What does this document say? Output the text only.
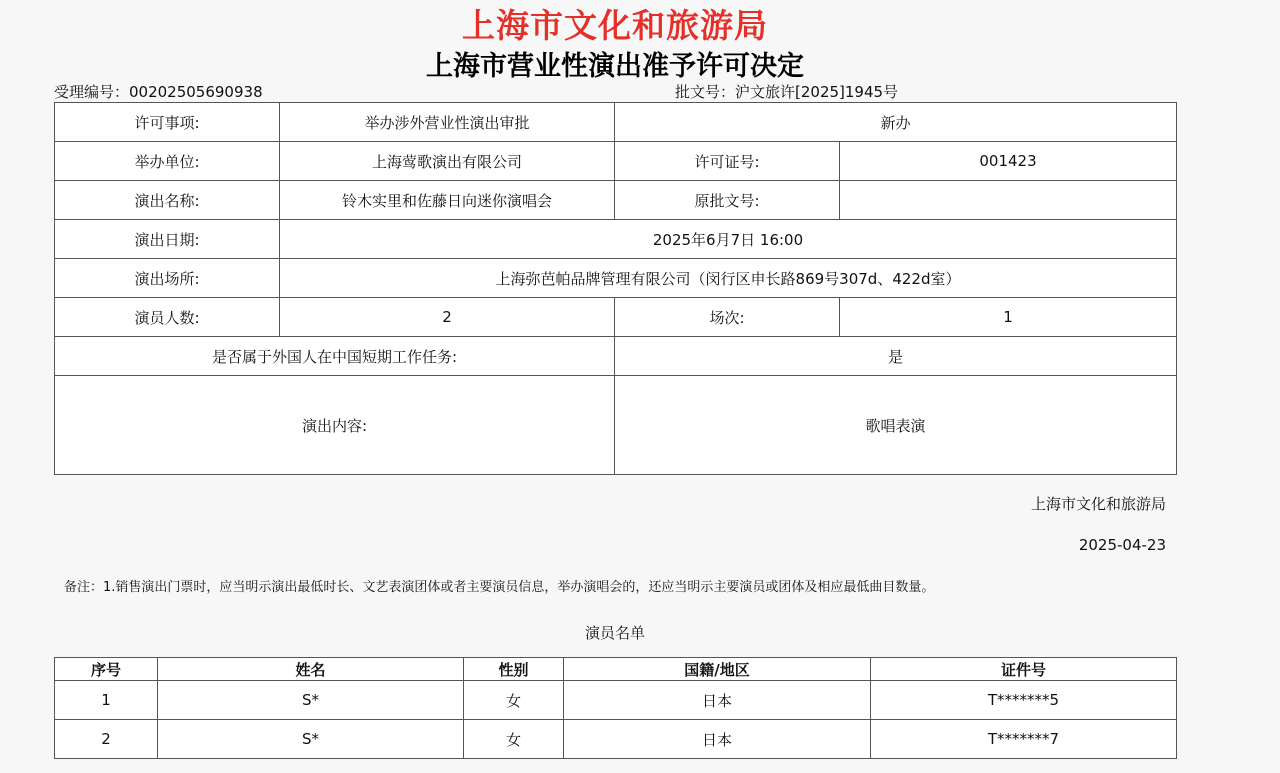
上海市文化和旅游局
上海市营业性演出准予许可决定
受理编号：00202505690938	批文号：沪文旅许[2025]1945号
许可事项:	举办涉外营业性演出审批	新办	
举办单位:	上海莺歌演出有限公司	许可证号:	001423
演出名称:	铃木实里和佐藤日向迷你演唱会	原批文号:	
演出日期:	2025年6月7日 16:00		
演出场所:	上海弥芭帕品牌管理有限公司（闵行区申长路869号307d、422d室）		
演员人数:	2	场次:	1
是否属于外国人在中国短期工作任务:		是	
演出内容:		歌唱表演	
上海市文化和旅游局
2025-04-23
备注：1.销售演出门票时，应当明示演出最低时长、文艺表演团体或者主要演员信息，举办演唱会的，还应当明示主要演员或团体及相应最低曲目数量。
演员名单
序号	姓名	性别	国籍/地区	证件号
1	S*	女	日本	T*******5
2	S*	女	日本	T*******7
